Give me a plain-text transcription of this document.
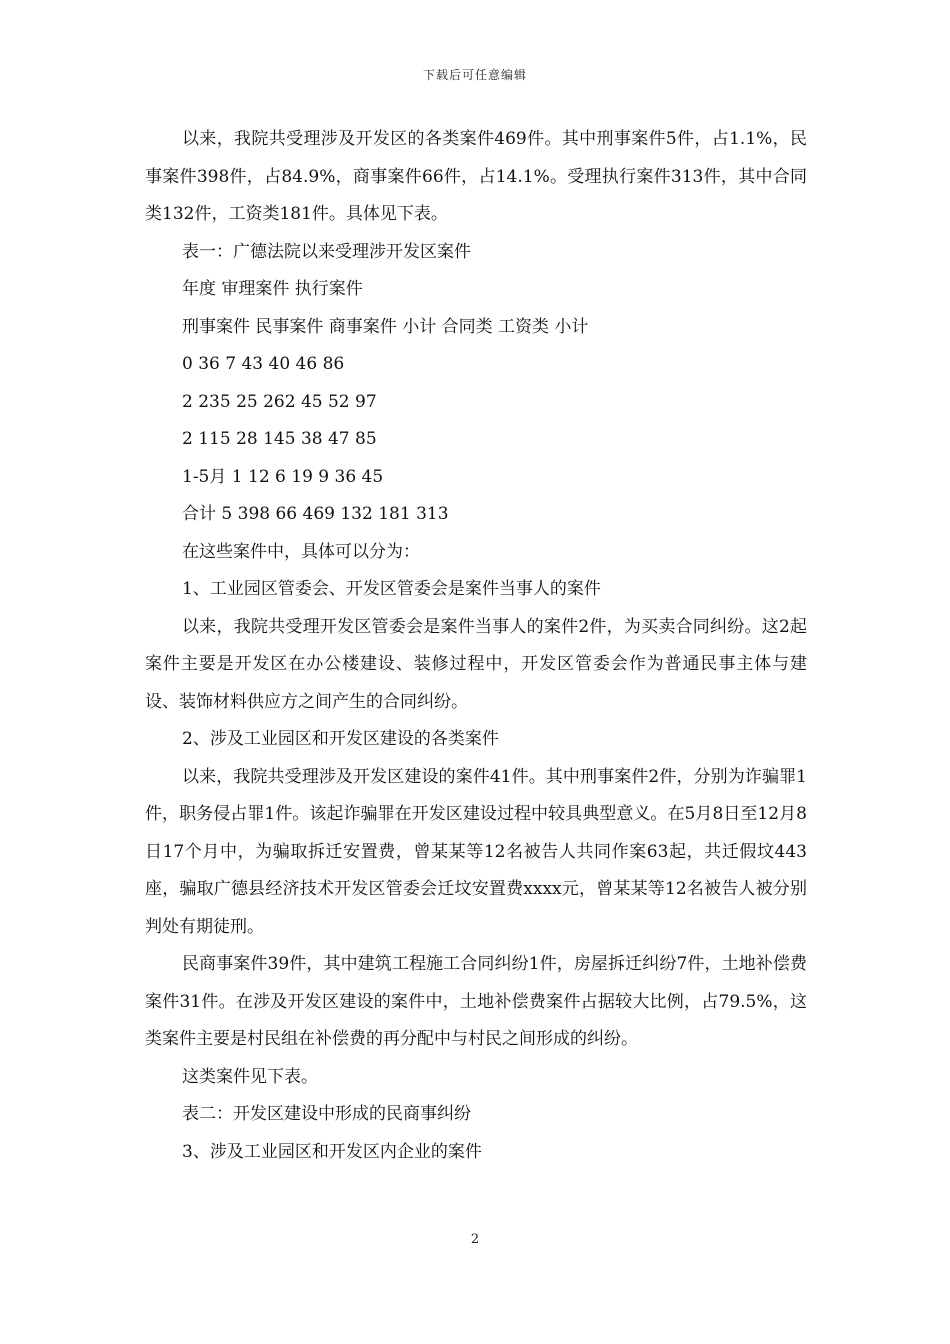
下载后可任意编辑

以来，我院共受理涉及开发区的各类案件469件。其中刑事案件5件，占1.1%，民事案件398件，占84.9%，商事案件66件，占14.1%。受理执行案件313件，其中合同类132件，工资类181件。具体见下表。

表一：广德法院以来受理涉开发区案件
年度 审理案件 执行案件
刑事案件 民事案件 商事案件 小计 合同类 工资类 小计
0 36 7 43 40 46 86
2 235 25 262 45 52 97
2 115 28 145 38 47 85
1-5月 1 12 6 19 9 36 45
合计 5 398 66 469 132 181 313
在这些案件中，具体可以分为：
1、工业园区管委会、开发区管委会是案件当事人的案件

以来，我院共受理开发区管委会是案件当事人的案件2件，为买卖合同纠纷。这2起案件主要是开发区在办公楼建设、装修过程中，开发区管委会作为普通民事主体与建设、装饰材料供应方之间产生的合同纠纷。

2、涉及工业园区和开发区建设的各类案件

以来，我院共受理涉及开发区建设的案件41件。其中刑事案件2件，分别为诈骗罪1件，职务侵占罪1件。该起诈骗罪在开发区建设过程中较具典型意义。在5月8日至12月8日17个月中，为骗取拆迁安置费，曾某某等12名被告人共同作案63起，共迁假坟443座，骗取广德县经济技术开发区管委会迁坟安置费xxxx元，曾某某等12名被告人被分别判处有期徒刑。

民商事案件39件，其中建筑工程施工合同纠纷1件，房屋拆迁纠纷7件，土地补偿费案件31件。在涉及开发区建设的案件中，土地补偿费案件占据较大比例，占79.5%，这类案件主要是村民组在补偿费的再分配中与村民之间形成的纠纷。

这类案件见下表。
表二：开发区建设中形成的民商事纠纷
3、涉及工业园区和开发区内企业的案件
2
